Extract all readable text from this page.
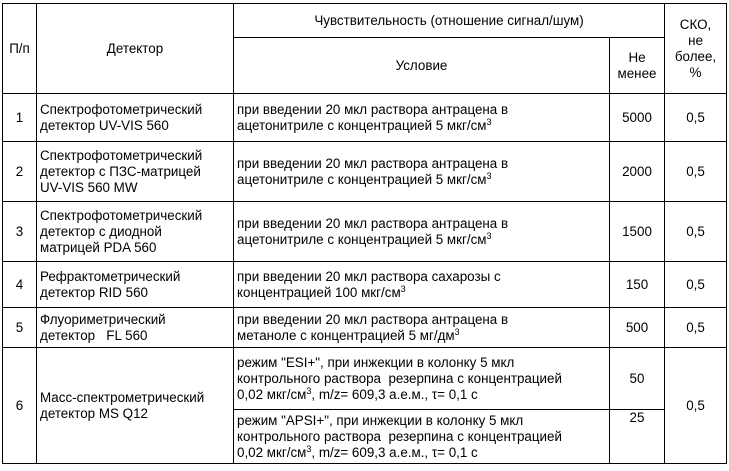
П/п	Детектор	Чувствительность (отношение сигнал/шум)		СКО,
не
более,
%
		Условие	Не
менее	
1	Спектрофотометрический
детектор UV-VIS 560	при введении 20 мкл раствора антрацена в
ацетонитриле с концентрацией 5 мкг/$см^3$	5000	0,5
2	Спектрофотометрический
детектор с ПЗС-матрицей
UV-VIS 560 MW	при введении 20 мкл раствора антрацена в
ацетонитриле с концентрацией 5 мкг/$см^3$	2000	0,5
3	Спектрофотометрический
детектор с диодной
матрицей PDA 560	при введении 20 мкл раствора антрацена в
ацетонитриле с концентрацией 5 мкг/$см^3$	1500	0,5
4	Рефрактометрический
детектор RID 560	при введении 20 мкл раствора сахарозы с
концентрацией 100 мкг/$см^3$	150	0,5
5	Флуориметрический
детектор   FL 560	при введении 20 мкл раствора антрацена в
метаноле с концентрацией 5 $мг/дм^3$	500	0,5
6	Масс-спектрометрический
детектор MS Q12	режим "ESI+", при инжекции в колонку 5 мкл
контрольного раствора  резерпина с концентрацией
0,02 мкг/$см^3$, m/z= 609,3 а.е.м., τ= 0,1 с	50	0,5
		режим "APSI+", при инжекции в колонку 5 мкл
контрольного раствора  резерпина с концентрацией
0,02 мкг/$см^3$, m/z= 609,3 а.е.м., τ= 0,1 с	25	
